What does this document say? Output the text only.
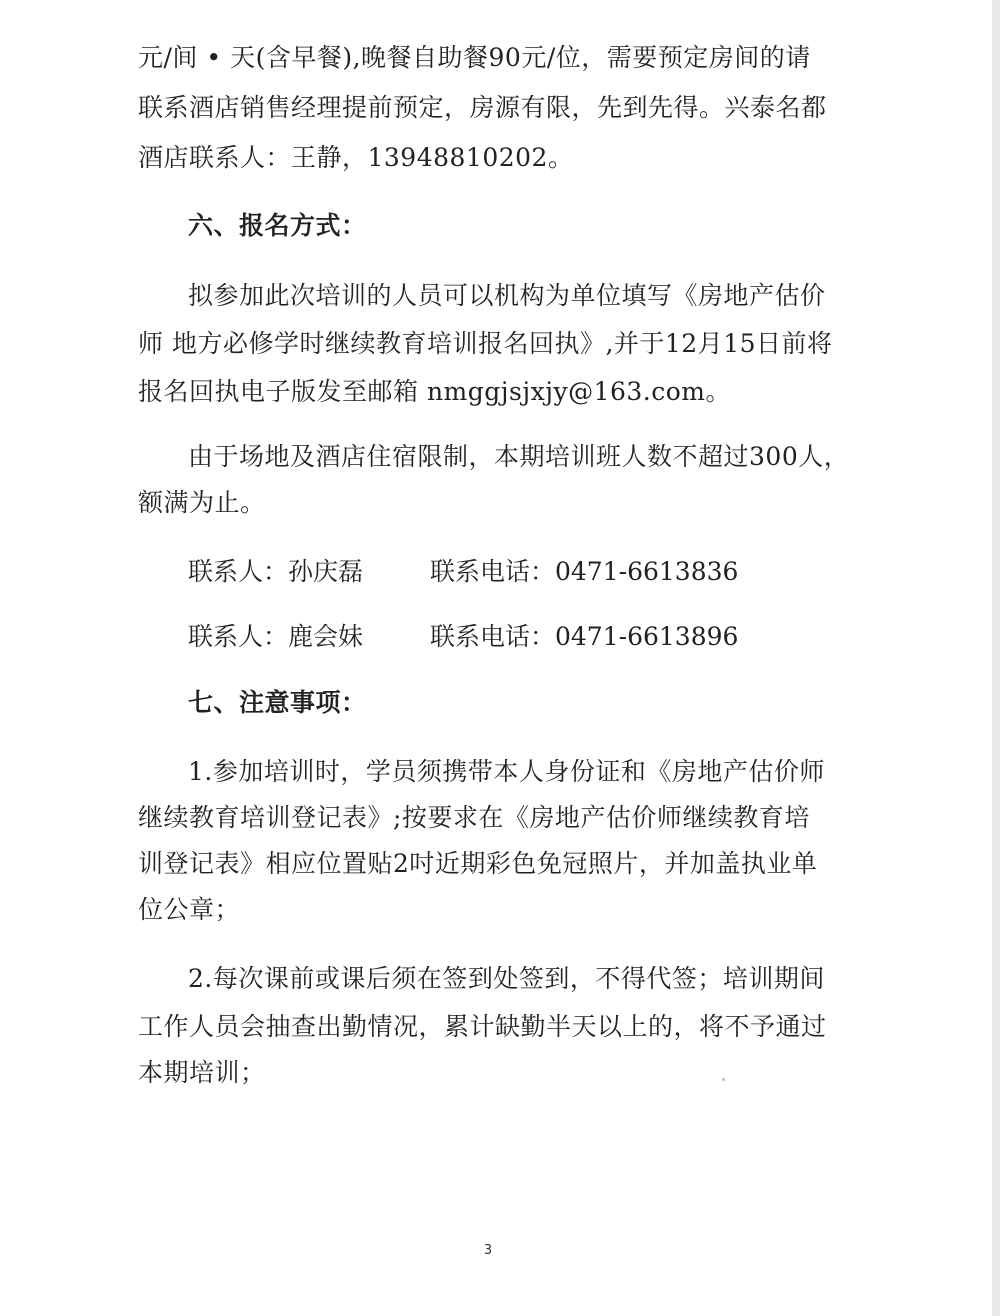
元/间 • 天(含早餐),晚餐自助餐90元/位，需要预定房间的请
联系酒店销售经理提前预定，房源有限，先到先得。兴泰名都
酒店联系人：王静，13948810202。
六、报名方式：
拟参加此次培训的人员可以机构为单位填写《房地产估价
师 地方必修学时继续教育培训报名回执》,并于12月15日前将
报名回执电子版发至邮箱 nmggjsjxjy@163.com。
由于场地及酒店住宿限制，本期培训班人数不超过300人，
额满为止。
联系人：孙庆磊	联系电话：0471-6613836
联系人：鹿会妹	联系电话：0471-6613896
七、注意事项：
1.参加培训时，学员须携带本人身份证和《房地产估价师
继续教育培训登记表》;按要求在《房地产估价师继续教育培
训登记表》相应位置贴2吋近期彩色免冠照片，并加盖执业单
位公章；
2.每次课前或课后须在签到处签到，不得代签；培训期间
工作人员会抽查出勤情况，累计缺勤半天以上的，将不予通过
本期培训；
3
